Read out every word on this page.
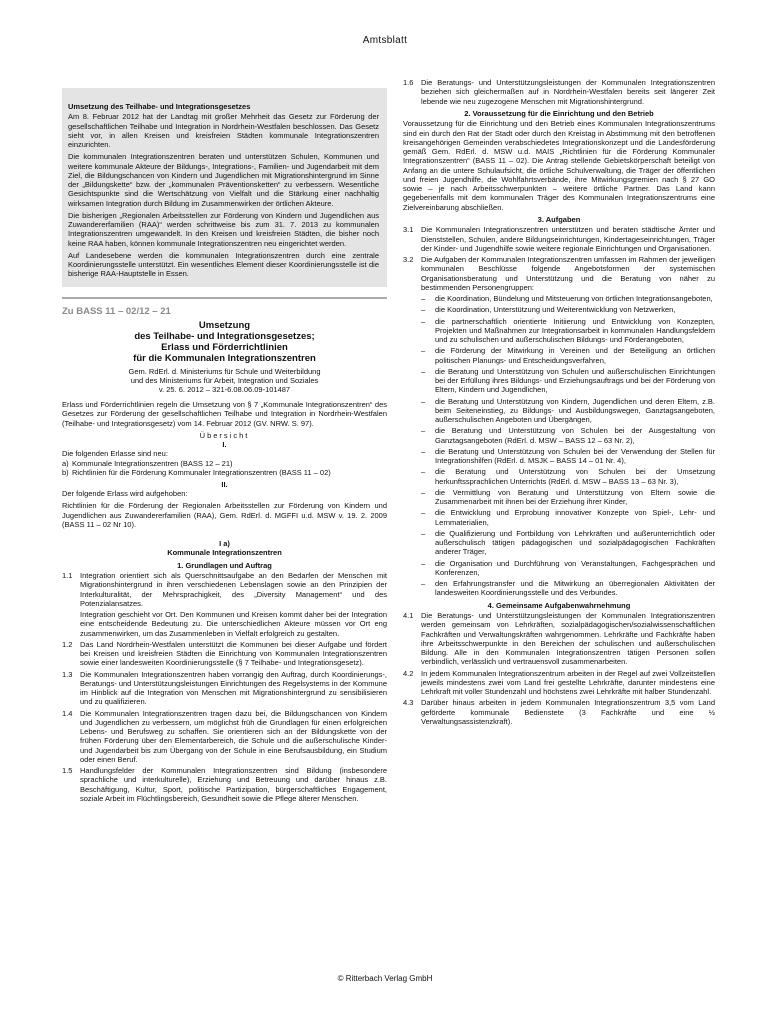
Amtsblatt

Umsetzung des Teilhabe- und Integrationsgesetzes

Am 8. Februar 2012 hat der Landtag mit großer Mehrheit das Gesetz zur Förderung der gesellschaftlichen Teilhabe und Integration in Nordrhein-Westfalen beschlossen. Das Gesetz sieht vor, in allen Kreisen und kreisfreien Städten kommunale Integrationszentren einzurichten.

Die kommunalen Integrationszentren beraten und unterstützen Schulen, Kommunen und weitere kommunale Akteure der Bildungs-, Integrations-, Familien- und Jugendarbeit mit dem Ziel, die Bildungschancen von Kindern und Jugendlichen mit Migrationshintergrund im Sinne der „Bildungskette“ bzw. der „kommunalen Präventionsketten“ zu verbessern. Wesentliche Gesichtspunkte sind die Wertschätzung von Vielfalt und die Stärkung einer nachhaltig wirksamen Integration durch Bildung im Zusammenwirken der örtlichen Akteure.

Die bisherigen „Regionalen Arbeitsstellen zur Förderung von Kindern und Jugendlichen aus Zuwandererfamilien (RAA)“ werden schrittweise bis zum 31. 7. 2013 zu kommunalen Integrationszentren umgewandelt. In den Kreisen und kreisfreien Städten, die bisher noch keine RAA haben, können kommunale Integrationszentren neu eingerichtet werden.

Auf Landesebene werden die kommunalen Integrationszentren durch eine zentrale Koordinierungsstelle unterstützt. Ein wesentliches Element dieser Koordinierungsstelle ist die bisherige RAA-Hauptstelle in Essen.

Zu BASS 11 – 02/12 – 21
Umsetzung
des Teilhabe- und Integrationsgesetzes;
Erlass und Förderrichtlinien
für die Kommunalen Integrationszentren
Gem. RdErl. d. Ministeriums für Schule und Weiterbildung
und des Ministeriums für Arbeit, Integration und Soziales
v. 25. 6. 2012 – 321-6.08.06.09-101487

Erlass und Förderrichtlinien regeln die Umsetzung von § 7 „Kommunale Integrationszentren“ des Gesetzes zur Förderung der gesellschaftlichen Teilhabe und Integration in Nordrhein-Westfalen (Teilhabe- und Integrationsgesetz) vom 14. Februar 2012 (GV. NRW. S. 97).

Übersicht
I.

Die folgenden Erlasse sind neu:

a) Kommunale Integrationszentren (BASS 12 – 21)
b) Richtlinien für die Förderung Kommunaler Integrationszentren (BASS 11 – 02)
II.

Der folgende Erlass wird aufgehoben:

Richtlinien für die Förderung der Regionalen Arbeitsstellen zur Förderung von Kindern und Jugendlichen aus Zuwandererfamilien (RAA), Gem. RdErl. d. MGFFI u.d. MSW v. 19. 2. 2009 (BASS 11 – 02 Nr 10).

I a)
Kommunale Integrationszentren
1. Grundlagen und Auftrag
1.1	Integration orientiert sich als Querschnittsaufgabe an den Bedarfen der Menschen mit Migrationshintergrund in ihren verschiedenen Lebenslagen sowie an den Prinzipien der Interkulturalität, der Mehrsprachigkeit, des „Diversity Management“ und des Potenzialansatzes.
Integration geschieht vor Ort. Den Kommunen und Kreisen kommt daher bei der Integration eine entscheidende Bedeutung zu. Die unterschiedlichen Akteure müssen vor Ort eng zusammenwirken, um das Zusammenleben in Vielfalt erfolgreich zu gestalten.
1.2	Das Land Nordrhein-Westfalen unterstützt die Kommunen bei dieser Aufgabe und fördert bei Kreisen und kreisfreien Städten die Einrichtung von Kommunalen Integrationszentren sowie einer landesweiten Koordinierungsstelle (§ 7 Teilhabe- und Integrationsgesetz).
1.3	Die Kommunalen Integrationszentren haben vorrangig den Auftrag, durch Koordinierungs-, Beratungs- und Unterstützungsleistungen Einrichtungen des Regelsystems in der Kommune im Hinblick auf die Integration von Menschen mit Migrationshintergrund zu sensibilisieren und zu qualifizieren.
1.4	Die Kommunalen Integrationszentren tragen dazu bei, die Bildungschancen von Kindern und Jugendlichen zu verbessern, um möglichst früh die Grundlagen für einen erfolgreichen Lebens- und Berufsweg zu schaffen. Sie orientieren sich an der Bildungskette von der frühen Förderung über den Elementarbereich, die Schule und die außerschulische Kinder- und Jugendarbeit bis zum Übergang von der Schule in eine Berufsausbildung, ein Studium oder einen Beruf.
1.5	Handlungsfelder der Kommunalen Integrationszentren sind Bildung (insbesondere sprachliche und interkulturelle), Erziehung und Betreuung und darüber hinaus z.B. Beschäftigung, Kultur, Sport, politische Partizipation, bürgerschaftliches Engagement, soziale Arbeit im Flüchtlingsbereich, Gesundheit sowie die Pflege älterer Menschen.
1.6	Die Beratungs- und Unterstützungsleistungen der Kommunalen Integrationszentren beziehen sich gleichermaßen auf in Nordrhein-Westfalen bereits seit längerer Zeit lebende wie neu zugezogene Menschen mit Migrationshintergrund.
2. Voraussetzung für die Einrichtung und den Betrieb

Voraussetzung für die Einrichtung und den Betrieb eines Kommunalen Integrationszentrums sind ein durch den Rat der Stadt oder durch den Kreistag in Abstimmung mit den betroffenen kreisangehörigen Gemeinden verabschiedetes Integrationskonzept und die Landesförderung gemäß Gem. RdErl. d. MSW u.d. MAIS „Richtlinien für die Förderung Kommunaler Integrationszentren“ (BASS 11 – 02). Die Antrag stellende Gebietskörperschaft beteiligt von Anfang an die untere Schulaufsicht, die örtliche Schulverwaltung, die Träger der öffentlichen und freien Jugendhilfe, die Wohlfahrtsverbände, ihre Mitwirkungsgremien nach § 27 GO sowie – je nach Arbeitsschwerpunkten – weitere örtliche Partner. Das Land kann gegebenenfalls mit dem kommunalen Träger des Kommunalen Integrationszentrums eine Zielvereinbarung abschließen.

3. Aufgaben
3.1	Die Kommunalen Integrationszentren unterstützen und beraten städtische Ämter und Dienststellen, Schulen, andere Bildungseinrichtungen, Kindertageseinrichtungen, Träger der Kinder- und Jugendhilfe sowie weitere regionale Einrichtungen und Organisationen.
3.2	Die Aufgaben der Kommunalen Integrationszentren umfassen im Rahmen der jeweiligen kommunalen Beschlüsse folgende Angebotsformen der systemischen Organisationsberatung und Unterstützung und die Beratung von näher zu bestimmenden Personengruppen:
–	die Koordination, Bündelung und Mitsteuerung von örtlichen Integrationsangeboten,
–	die Koordination, Unterstützung und Weiterentwicklung von Netzwerken,
–	die partnerschaftlich orientierte Initiierung und Entwicklung von Konzepten, Projekten und Maßnahmen zur Integrationsarbeit in kommunalen Handlungsfeldern und zu schulischen und außerschulischen Bildungs- und Förderangeboten,
–	die Förderung der Mitwirkung in Vereinen und der Beteiligung an örtlichen politischen Planungs- und Entscheidungsverfahren,
–	die Beratung und Unterstützung von Schulen und außerschulischen Einrichtungen bei der Erfüllung ihres Bildungs- und Erziehungsauftrags und bei der Förderung von Eltern, Kindern und Jugendlichen,
–	die Beratung und Unterstützung von Kindern, Jugendlichen und deren Eltern, z.B. beim Seiteneinstieg, zu Bildungs- und Ausbildungswegen, Ganztagsangeboten, außerschulischen Angeboten und Übergängen,
–	die Beratung und Unterstützung von Schulen bei der Ausgestaltung von Ganztagsangeboten (RdErl. d. MSW – BASS 12 – 63 Nr. 2),
–	die Beratung und Unterstützung von Schulen bei der Verwendung der Stellen für Integrationshilfen (RdErl. d. MSJK – BASS 14 – 01 Nr. 4),
–	die Beratung und Unterstützung von Schulen bei der Umsetzung herkunftssprachlichen Unterrichts (RdErl. d. MSW – BASS 13 – 63 Nr. 3),
–	die Vermittlung von Beratung und Unterstützung von Eltern sowie die Zusammenarbeit mit ihnen bei der Erziehung ihrer Kinder,
–	die Entwicklung und Erprobung innovativer Konzepte von Spiel-, Lehr- und Lernmaterialien,
–	die Qualifizierung und Fortbildung von Lehrkräften und außerunterrichtlich oder außerschulisch tätigen pädagogischen und sozialpädagogischen Fachkräften anderer Träger,
–	die Organisation und Durchführung von Veranstaltungen, Fachgesprächen und Konferenzen,
–	den Erfahrungstransfer und die Mitwirkung an überregionalen Aktivitäten der landesweiten Koordinierungsstelle und des Verbundes.
4. Gemeinsame Aufgabenwahrnehmung
4.1	Die Beratungs- und Unterstützungsleistungen der Kommunalen Integrationszentren werden gemeinsam von Lehrkräften, sozialpädagogischen/sozialwissenschaftlichen Fachkräften und Verwaltungskräften wahrgenommen. Lehrkräfte und Fachkräfte haben ihre Arbeitsschwerpunkte in den Bereichen der schulischen und außerschulischen Bildung. Alle in den Kommunalen Integrationszentren tätigen Personen sollen verbindlich, verlässlich und vertrauensvoll zusammenarbeiten.
4.2	In jedem Kommunalen Integrationszentrum arbeiten in der Regel auf zwei Vollzeitstellen jeweils mindestens zwei vom Land frei gestellte Lehrkräfte, darunter mindestens eine Lehrkraft mit voller Stundenzahl und höchstens zwei Lehrkräfte mit halber Stundenzahl.
4.3	Darüber hinaus arbeiten in jedem Kommunalen Integrationszentrum 3,5 vom Land geförderte kommunale Bedienstete (3 Fachkräfte und eine ½ Verwaltungsassistenzkraft).
© Ritterbach Verlag GmbH
